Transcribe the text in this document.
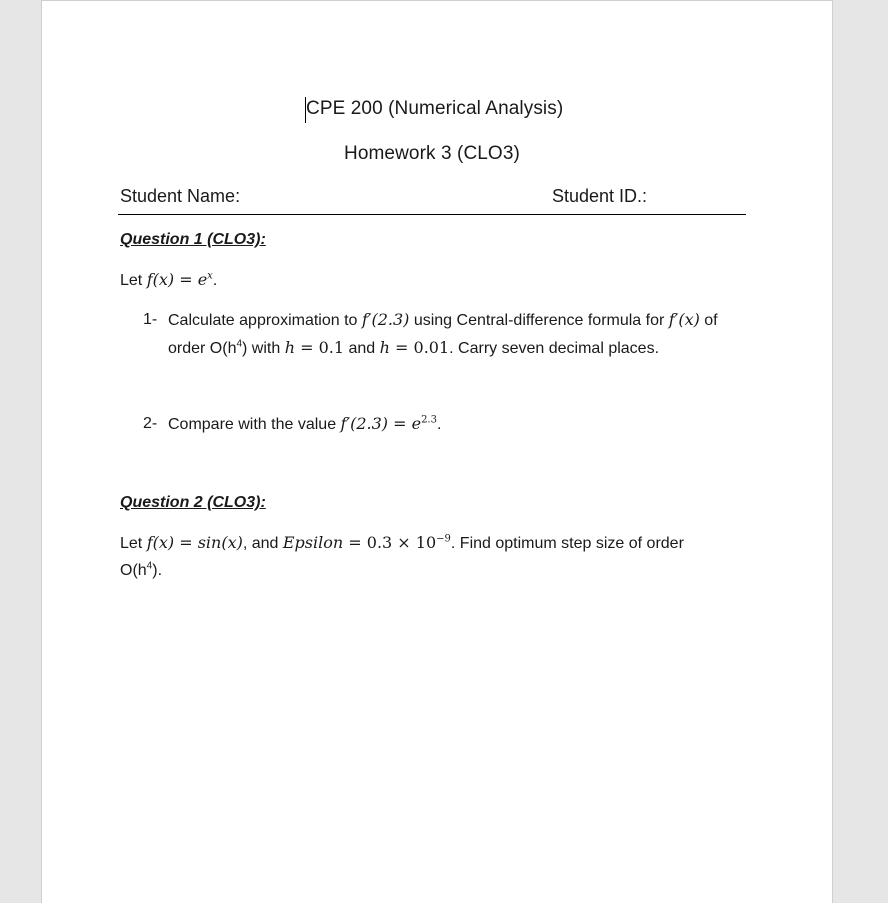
CPE 200 (Numerical Analysis)
Homework 3 (CLO3)
Student Name:	Student ID.:
Question 1 (CLO3):
Let $f(x) = e^x$.
1- Calculate approximation to f′(2.3) using Central-difference formula for f′(x) of order $O(h^4)$ with h = 0.1 and h = 0.01. Carry seven decimal places.
2- Compare with the value $f'(2.3) = e^{2.3}$.
Question 2 (CLO3):
Let f(x) = sin(x), and Epsilon = $0.3 \times 10^{-9}$. Find optimum step size of order $O(h^4)$.
